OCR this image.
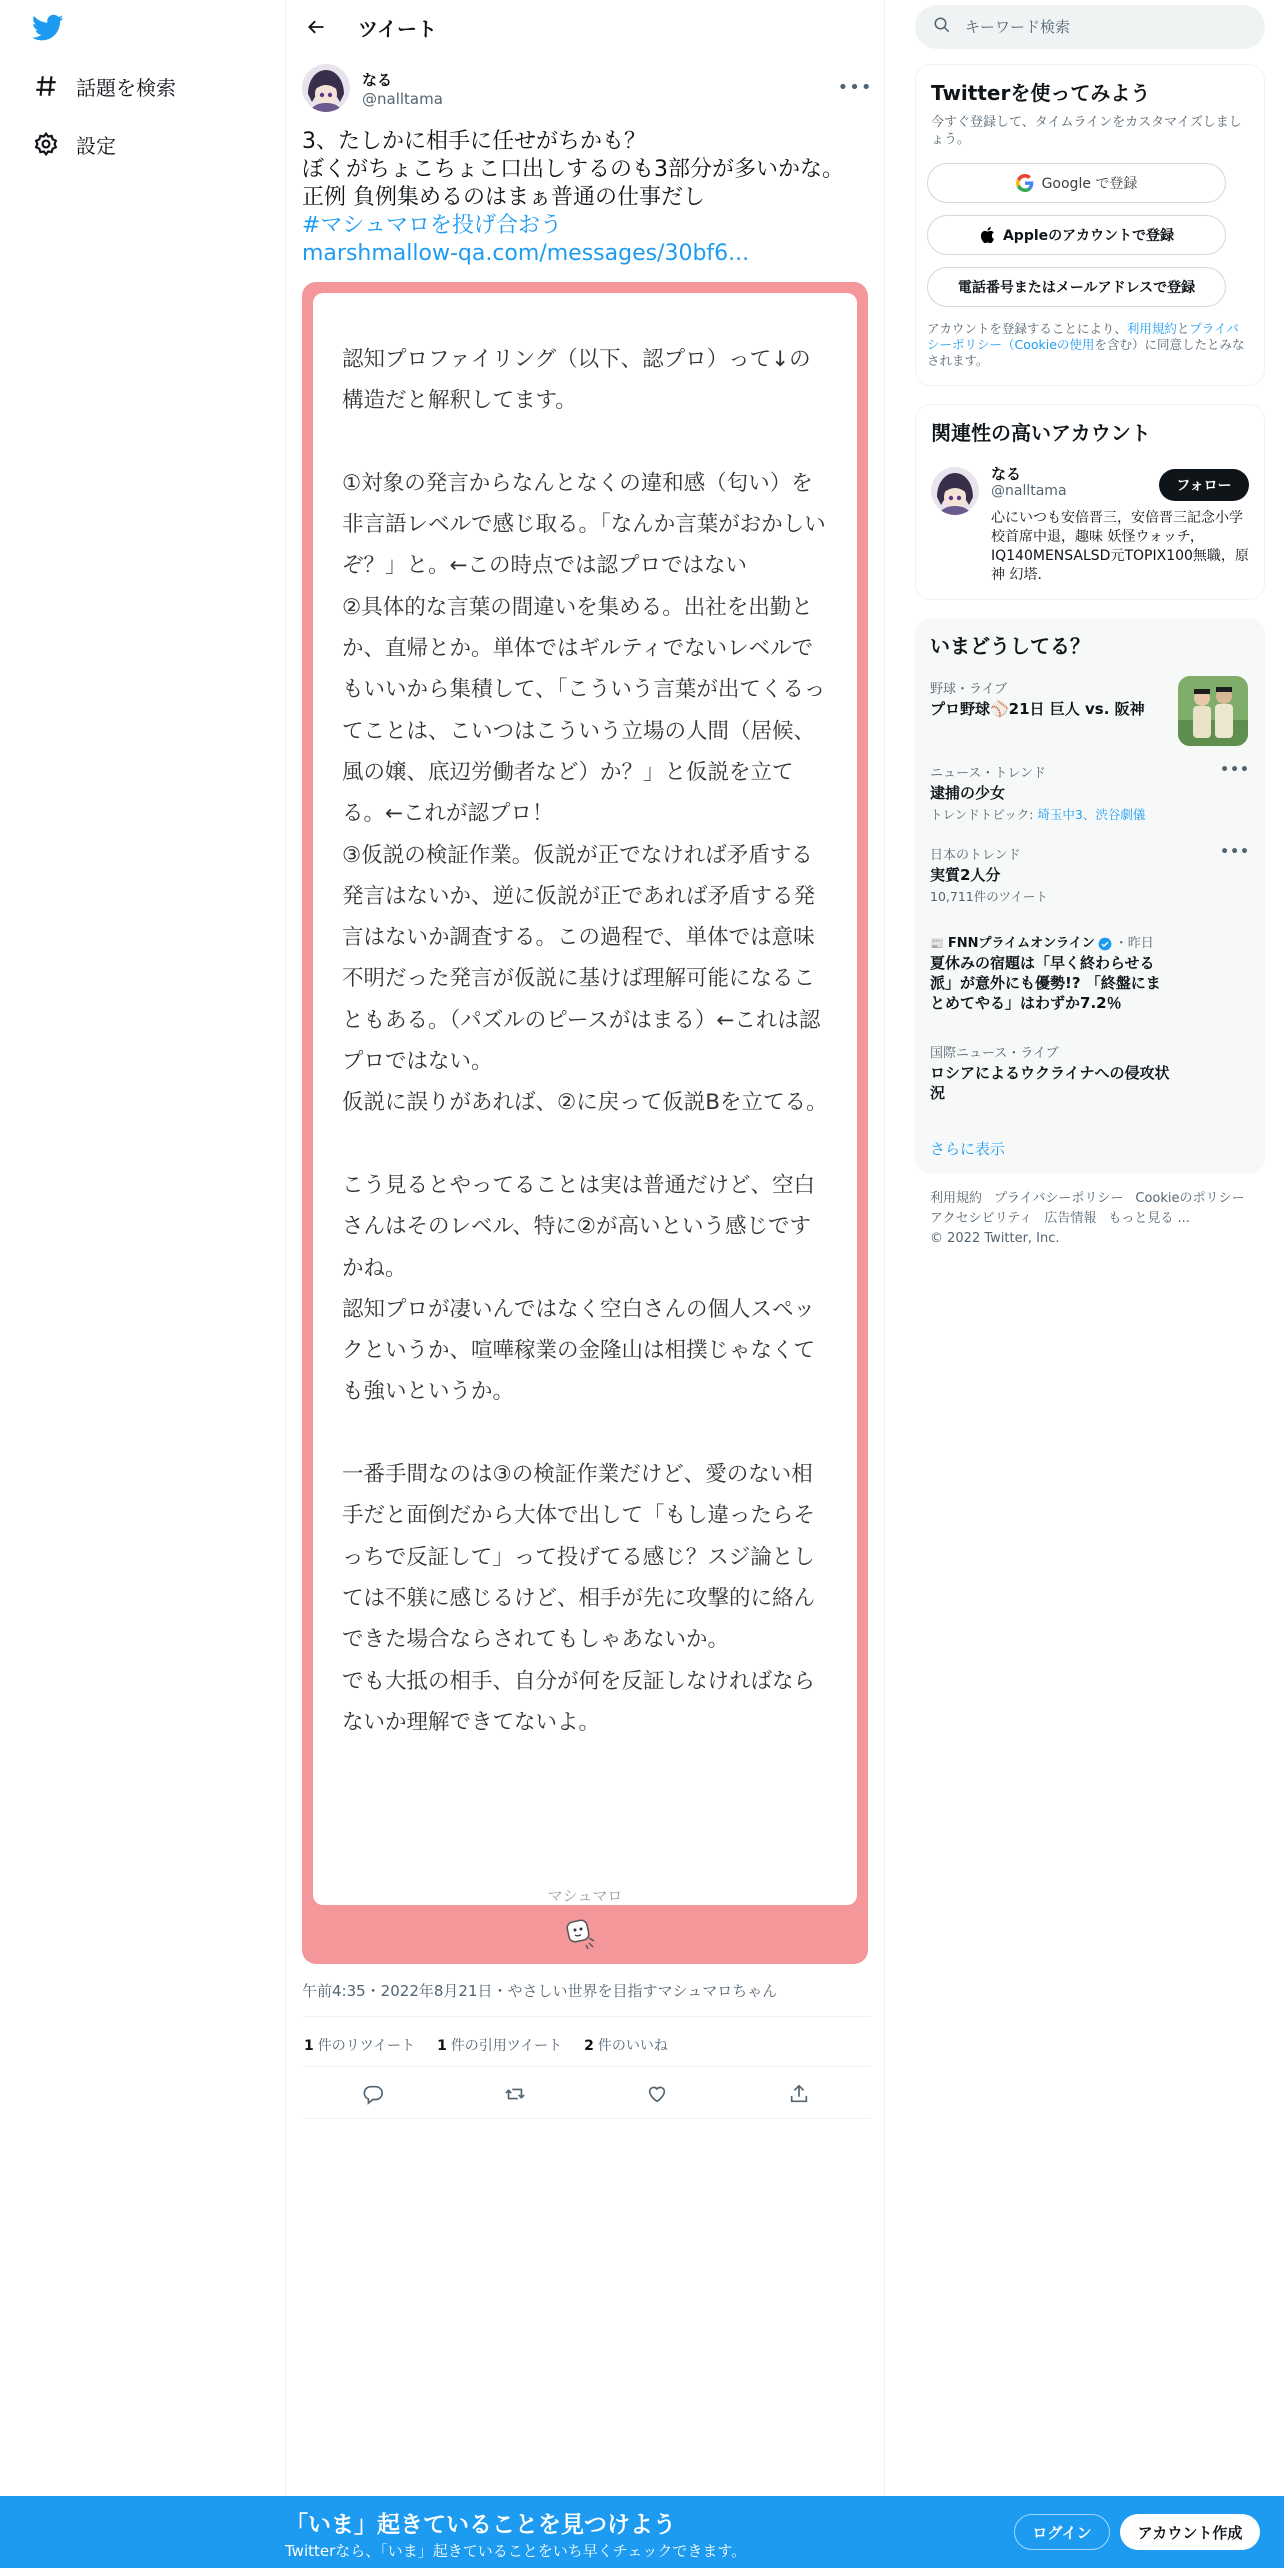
話題を検索
設定
ツイート
なる
@nalltama
•••
3、たしかに相手に任せがちかも？
ぼくがちょこちょこ口出しするのも3部分が多いかな。正例 負例集めるのはまぁ普通の仕事だし
#マシュマロを投げ合おう
marshmallow-qa.com/messages/30bf6...
認知プロファイリング（以下、認プロ）って↓の構造だと解釈してます。

①対象の発言からなんとなくの違和感（匂い）を非言語レベルで感じ取る。「なんか言葉がおかしいぞ？」と。←この時点では認プロではない
②具体的な言葉の間違いを集める。出社を出勤とか、直帰とか。単体ではギルティでないレベルでもいいから集積して、「こういう言葉が出てくるってことは、こいつはこういう立場の人間（居候、風の嬢、底辺労働者など）か？」と仮説を立てる。←これが認プロ！
③仮説の検証作業。仮説が正でなければ矛盾する発言はないか、逆に仮説が正であれば矛盾する発言はないか調査する。この過程で、単体では意味不明だった発言が仮説に基けば理解可能になることもある。（パズルのピースがはまる）←これは認プロではない。
仮説に誤りがあれば、②に戻って仮説Bを立てる。

こう見るとやってることは実は普通だけど、空白さんはそのレベル、特に②が高いという感じですかね。
認知プロが凄いんではなく空白さんの個人スペックというか、喧嘩稼業の金隆山は相撲じゃなくても強いというか。

一番手間なのは③の検証作業だけど、愛のない相手だと面倒だから大体で出して「もし違ったらそっちで反証して」って投げてる感じ？スジ論としては不躾に感じるけど、相手が先に攻撃的に絡んできた場合ならされてもしゃあないか。
でも大抵の相手、自分が何を反証しなければならないか理解できてないよ。
マシュマロ
午前4:35・2022年8月21日・やさしい世界を目指すマシュマロちゃん
1 件のリツイート 1 件の引用ツイート 2 件のいいね
キーワード検索
Twitterを使ってみよう
今すぐ登録して、タイムラインをカスタマイズしましょう。
Google で登録
Appleのアカウントで登録
電話番号またはメールアドレスで登録
アカウントを登録することにより、利用規約とプライバシーポリシー（Cookieの使用を含む）に同意したとみなされます。
関連性の高いアカウント
なる
@nalltama	フォロー
心にいつも安倍晋三，安倍晋三記念小学校首席中退，趣味 妖怪ウォッチ，IQ140MENSALSD元TOPIX100無職，原神 幻塔．
いまどうしてる？
野球・ライブ
プロ野球⚾21日 巨人 vs. 阪神
ニュース・トレンド
逮捕の少女
トレンドトピック: 埼玉中3、渋谷劇儀
•••
日本のトレンド
実質2人分
10,711件のツイート
•••
📰 FNNプライムオンライン ・昨日
夏休みの宿題は「早く終わらせる派」が意外にも優勢!? 「終盤にまとめてやる」はわずか7.2％
国際ニュース・ライブ
ロシアによるウクライナへの侵攻状況
さらに表示
利用規約 プライバシーポリシー Cookieのポリシーアクセシビリティ 広告情報 もっと見る ...© 2022 Twitter, Inc.
「いま」起きていることを見つけよう
Twitterなら、「いま」起きていることをいち早くチェックできます。
ログイン	アカウント作成
